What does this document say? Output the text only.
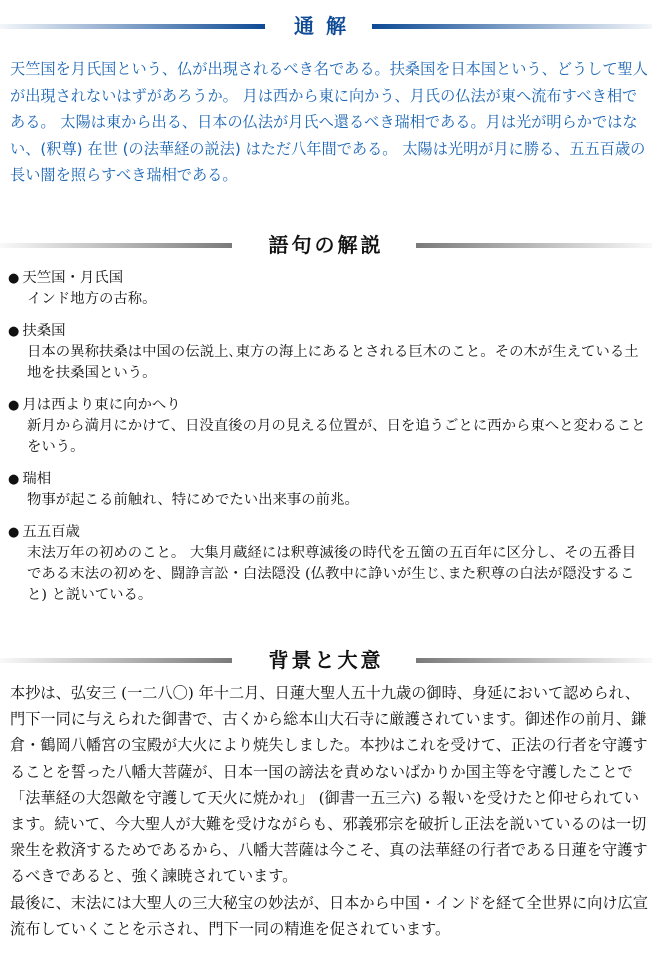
通解

天竺国を月氏国という、仏が出現されるべき名である。扶桑国を日本国という、どうして聖人が出現されないはずがあろうか。 月は西から東に向かう、月氏の仏法が東へ流布すべき相である。 太陽は東から出る、日本の仏法が月氏へ還るべき瑞相である。月は光が明らかではない、(釈尊) 在世 (の法華経の説法) はただ八年間である。 太陽は光明が月に勝る、五五百歳の長い闇を照らすべき瑞相である。

語句の解説
● 天竺国・月氏国
インド地方の古称。
● 扶桑国
日本の異称扶桑は中国の伝説上､東方の海上にあるとされる巨木のこと。その木が生えている土地を扶桑国という。
● 月は西より東に向かへり
新月から満月にかけて、日没直後の月の見える位置が、日を追うごとに西から東へと変わることをいう。
● 瑞相
物事が起こる前触れ、特にめでたい出来事の前兆。
● 五五百歳
末法万年の初めのこと。 大集月蔵経には釈尊滅後の時代を五箇の五百年に区分し、その五番目である末法の初めを、闘諍言訟・白法隠没 (仏教中に諍いが生じ､また釈尊の白法が隠没すること) と説いている。
背景と大意

本抄は、弘安三 (一二八〇) 年十二月、日蓮大聖人五十九歳の御時、身延において認められ、門下一同に与えられた御書で、古くから総本山大石寺に厳護されています。御述作の前月、鎌倉・鶴岡八幡宮の宝殿が大火により焼失しました。本抄はこれを受けて、正法の行者を守護することを誓った八幡大菩薩が、日本一国の謗法を責めないばかりか国主等を守護したことで「法華経の大怨敵を守護して天火に焼かれ」 (御書一五三六) る報いを受けたと仰せられています。続いて、今大聖人が大難を受けながらも、邪義邪宗を破折し正法を説いているのは一切衆生を救済するためであるから、八幡大菩薩は今こそ、真の法華経の行者である日蓮を守護するべきであると、強く諫暁されています。
最後に、末法には大聖人の三大秘宝の妙法が、日本から中国・インドを経て全世界に向け広宣流布していくことを示され、門下一同の精進を促されています。
